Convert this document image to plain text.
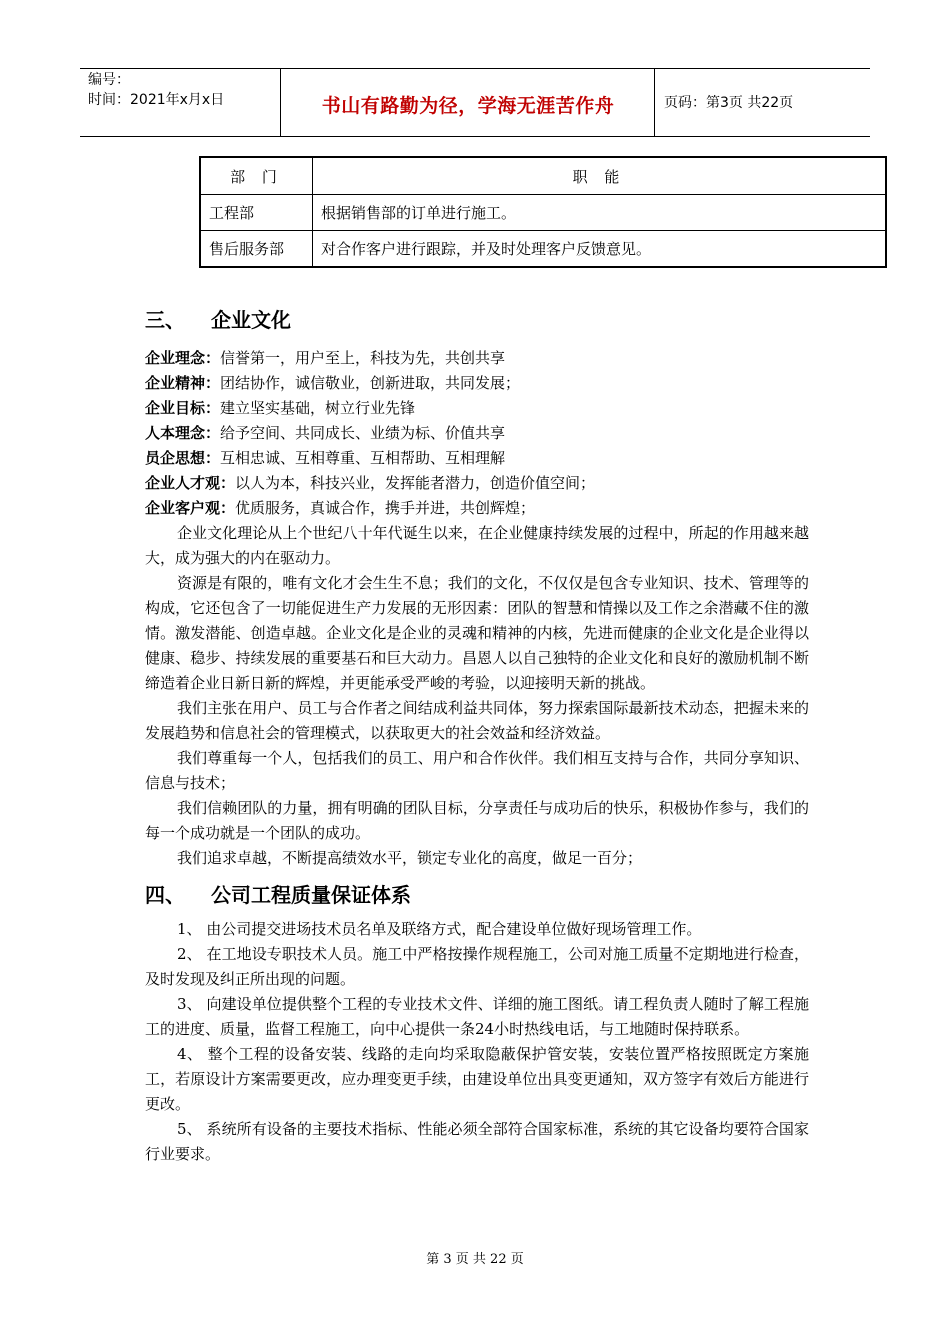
编号：
时间：2021年x月x日	书山有路勤为径，学海无涯苦作舟	页码：第3页 共22页
部 门	职 能
工程部	根据销售部的订单进行施工。
售后服务部	对合作客户进行跟踪，并及时处理客户反馈意见。
三、 企业文化
企业理念：信誉第一，用户至上，科技为先，共创共享
企业精神：团结协作，诚信敬业，创新进取，共同发展；
企业目标：建立坚实基础，树立行业先锋
人本理念：给予空间、共同成长、业绩为标、价值共享
员企思想：互相忠诚、互相尊重、互相帮助、互相理解
企业人才观：以人为本，科技兴业，发挥能者潜力，创造价值空间；
企业客户观：优质服务，真诚合作，携手并进，共创辉煌；

企业文化理论从上个世纪八十年代诞生以来，在企业健康持续发展的过程中，所起的作用越来越大，成为强大的内在驱动力。

资源是有限的，唯有文化才会生生不息；我们的文化，不仅仅是包含专业知识、技术、管理等的构成，它还包含了一切能促进生产力发展的无形因素：团队的智慧和情操以及工作之余潜藏不住的激情。激发潜能、创造卓越。企业文化是企业的灵魂和精神的内核，先进而健康的企业文化是企业得以健康、稳步、持续发展的重要基石和巨大动力。昌恩人以自己独特的企业文化和良好的激励机制不断缔造着企业日新日新的辉煌，并更能承受严峻的考验，以迎接明天新的挑战。

我们主张在用户、员工与合作者之间结成利益共同体，努力探索国际最新技术动态，把握未来的发展趋势和信息社会的管理模式，以获取更大的社会效益和经济效益。

我们尊重每一个人，包括我们的员工、用户和合作伙伴。我们相互支持与合作，共同分享知识、信息与技术；

我们信赖团队的力量，拥有明确的团队目标，分享责任与成功后的快乐，积极协作参与，我们的每一个成功就是一个团队的成功。

我们追求卓越，不断提高绩效水平，锁定专业化的高度，做足一百分；

四、 公司工程质量保证体系

1、 由公司提交进场技术员名单及联络方式，配合建设单位做好现场管理工作。

2、 在工地设专职技术人员。施工中严格按操作规程施工，公司对施工质量不定期地进行检查，及时发现及纠正所出现的问题。

3、 向建设单位提供整个工程的专业技术文件、详细的施工图纸。请工程负责人随时了解工程施工的进度、质量，监督工程施工，向中心提供一条24小时热线电话，与工地随时保持联系。

4、 整个工程的设备安装、线路的走向均采取隐蔽保护管安装，安装位置严格按照既定方案施工，若原设计方案需要更改，应办理变更手续，由建设单位出具变更通知，双方签字有效后方能进行更改。

5、 系统所有设备的主要技术指标、性能必须全部符合国家标准，系统的其它设备均要符合国家行业要求。

第 3 页 共 22 页
